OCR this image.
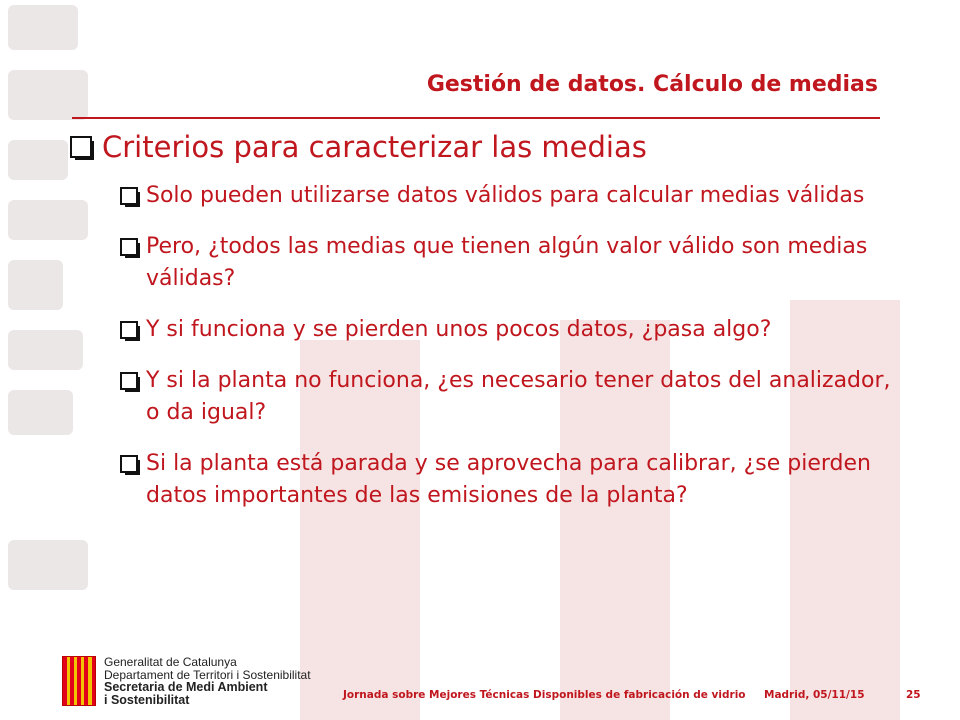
Gestión de datos. Cálculo de medias
Criterios para caracterizar las medias
Solo pueden utilizarse datos válidos para calcular medias válidas
Pero, ¿todos las medias que tienen algún valor válido son medias válidas?
Y si funciona y se pierden unos pocos datos, ¿pasa algo?
Y si la planta no funciona, ¿es necesario tener datos del analizador, o da igual?
Si la planta está parada y se aprovecha para calibrar, ¿se pierden datos importantes de las emisiones de la planta?
Generalitat de Catalunya
Departament de Territori i Sostenibilitat
Secretaria de Medi Ambient
i Sostenibilitat	Jornada sobre Mejores Técnicas Disponibles de fabricación de vidrio Madrid, 05/11/15	25
